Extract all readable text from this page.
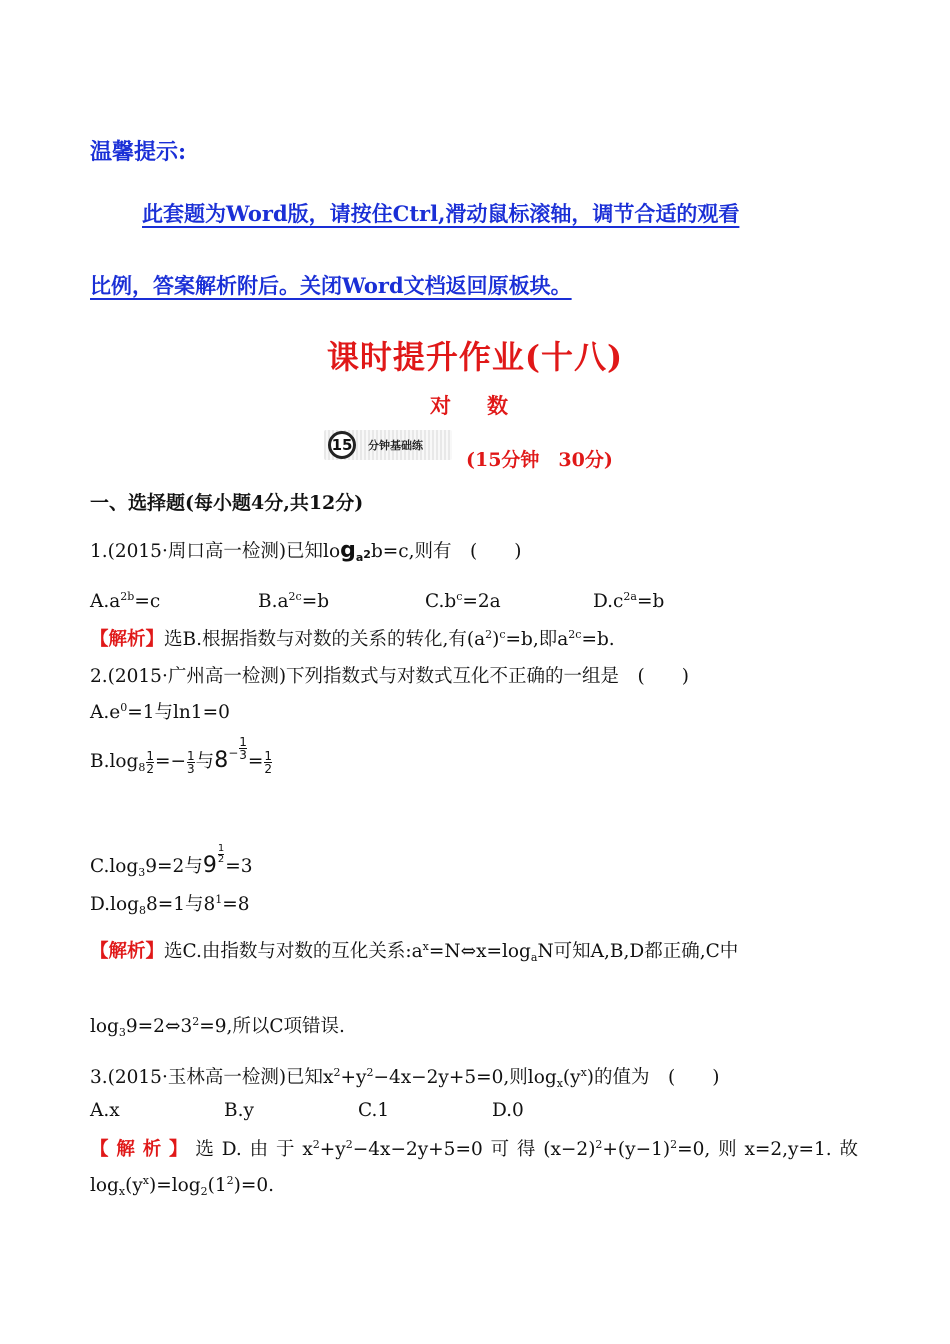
温馨提示:
此套题为Word版，请按住Ctrl,滑动鼠标滚轴，调节合适的观看
比例，答案解析附后。关闭Word文档返回原板块。
课时提升作业(十八)
对 数
15	分钟基础练
(15分钟　30分)
一、选择题(每小题4分,共12分)
1.(2015·周口高一检测)已知$\log_a2b=c$,则有　(　　)
$A.a^{2b}=c$	$B.a^{2c}=b$	$C.b^c=2a$	$D.c^{2a}=b$
【解析】选B.根据指数与对数的关系的转化,有$(a^2)^c=b$,即$a^{2c}=b$.
2.(2015·广州高一检测)下列指数式与对数式互化不正确的一组是　(　　)
$A.e^0=1$与ln1=0
$B.\log_8\frac{1}{2} =-\frac{1}{3}$ 与$8^-\frac{1}{3}$
$=\frac{1}{2}$
$C.\log_39=2$与$9\frac{1}{2}$
=3
$D.\log_88=1$与$8^1=8$
【解析】选C.由指数与对数的互化关系$:a^x=N\Leftrightarrow x=\log_aN$可知A,B,D都正确,C中
$\log_39=2\Leftrightarrow 3^2=9$,所以C项错误.
3.(2015·玉林高一检测)已知$x^2+y^2-4x-2y+5=0$,则$\log_x(y^x)$的值为　(　　)
A.x	B.y	C.1	D.0
【解析】选D.由于$x^2+y^2-4x-2y+5=0$可得$(x-2)^2+(y-1)^2=0$,则x=2,y=1.故
$\log_x(y^x)=\log_2(1^2)=0$.
